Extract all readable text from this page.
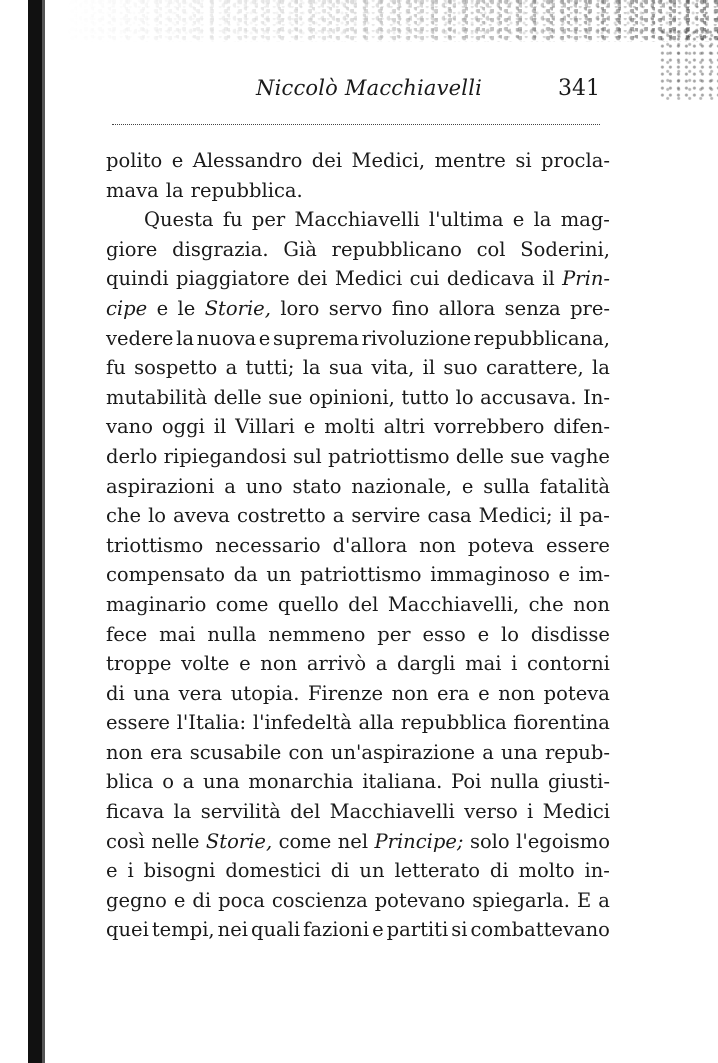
Niccolò Macchiavelli	341
polito e Alessandro dei Medici, mentre si procla-
mava la repubblica.
Questa fu per Macchiavelli l'ultima e la mag-
giore disgrazia. Già repubblicano col Soderini,
quindi piaggiatore dei Medici cui dedicava il Prin-
cipe e le Storie, loro servo fino allora senza pre-
vedere la nuova e suprema rivoluzione repubblicana,
fu sospetto a tutti; la sua vita, il suo carattere, la
mutabilità delle sue opinioni, tutto lo accusava. In-
vano oggi il Villari e molti altri vorrebbero difen-
derlo ripiegandosi sul patriottismo delle sue vaghe
aspirazioni a uno stato nazionale, e sulla fatalità
che lo aveva costretto a servire casa Medici; il pa-
triottismo necessario d'allora non poteva essere
compensato da un patriottismo immaginoso e im-
maginario come quello del Macchiavelli, che non
fece mai nulla nemmeno per esso e lo disdisse
troppe volte e non arrivò a dargli mai i contorni
di una vera utopia. Firenze non era e non poteva
essere l'Italia: l'infedeltà alla repubblica fiorentina
non era scusabile con un'aspirazione a una repub-
blica o a una monarchia italiana. Poi nulla giusti-
ficava la servilità del Macchiavelli verso i Medici
così nelle Storie, come nel Principe; solo l'egoismo
e i bisogni domestici di un letterato di molto in-
gegno e di poca coscienza potevano spiegarla. E a
quei tempi, nei quali fazioni e partiti si combattevano
